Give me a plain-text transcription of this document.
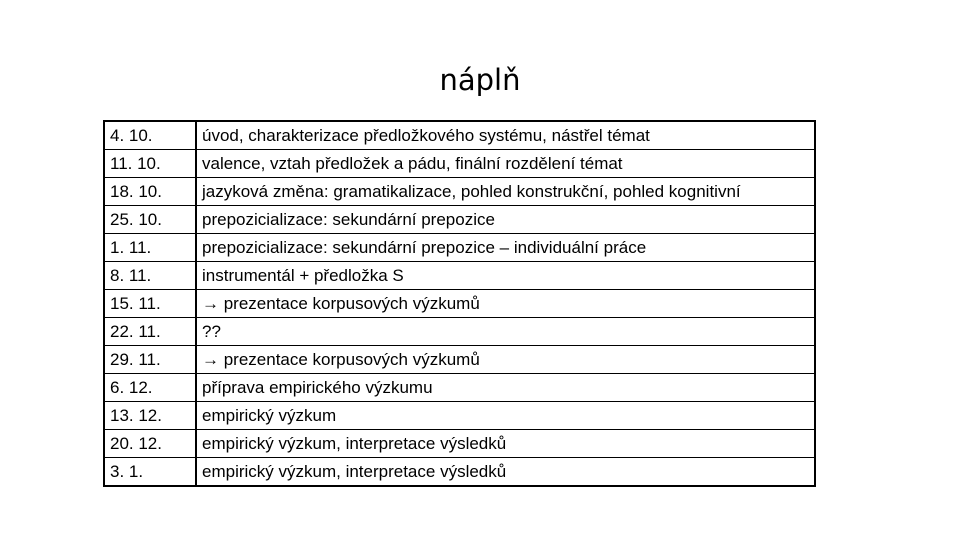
náplň
4. 10.	úvod, charakterizace předložkového systému, nástřel témat
11. 10.	valence, vztah předložek a pádu, finální rozdělení témat
18. 10.	jazyková změna: gramatikalizace, pohled konstrukční, pohled kognitivní
25. 10.	prepozicializace: sekundární prepozice
1. 11.	prepozicializace: sekundární prepozice – individuální práce
8. 11.	instrumentál + předložka S
15. 11.	→ prezentace korpusových výzkumů
22. 11.	??
29. 11.	→ prezentace korpusových výzkumů
6. 12.	příprava empirického výzkumu
13. 12.	empirický výzkum
20. 12.	empirický výzkum, interpretace výsledků
3. 1.	empirický výzkum, interpretace výsledků
